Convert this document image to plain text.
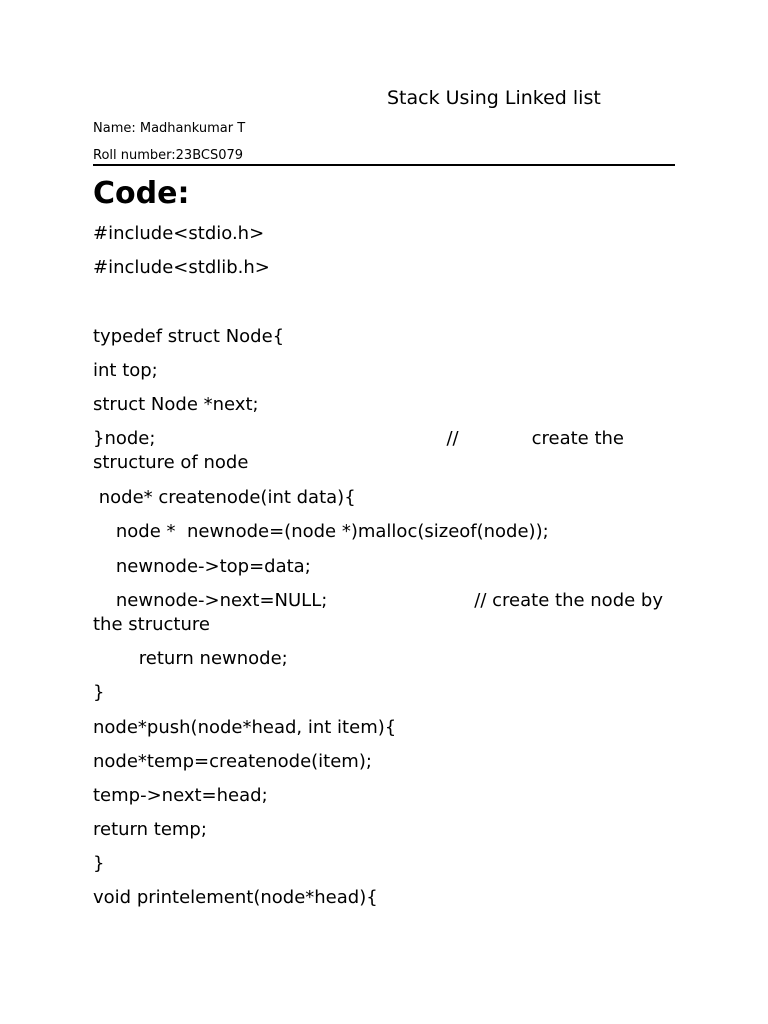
Stack Using Linked list
Name: Madhankumar T
Roll number:23BCS079
Code:
#include<stdio.h>
#include<stdlib.h>
typedef struct Node{
int top;
struct Node *next;
}node;	//	create the
structure of node
node* createnode(int data){
node *  newnode=(node *)malloc(sizeof(node));
newnode->top=data;
newnode->next=NULL;	// create the node by
the structure
return newnode;
}
node*push(node*head, int item){
node*temp=createnode(item);
temp->next=head;
return temp;
}
void printelement(node*head){
